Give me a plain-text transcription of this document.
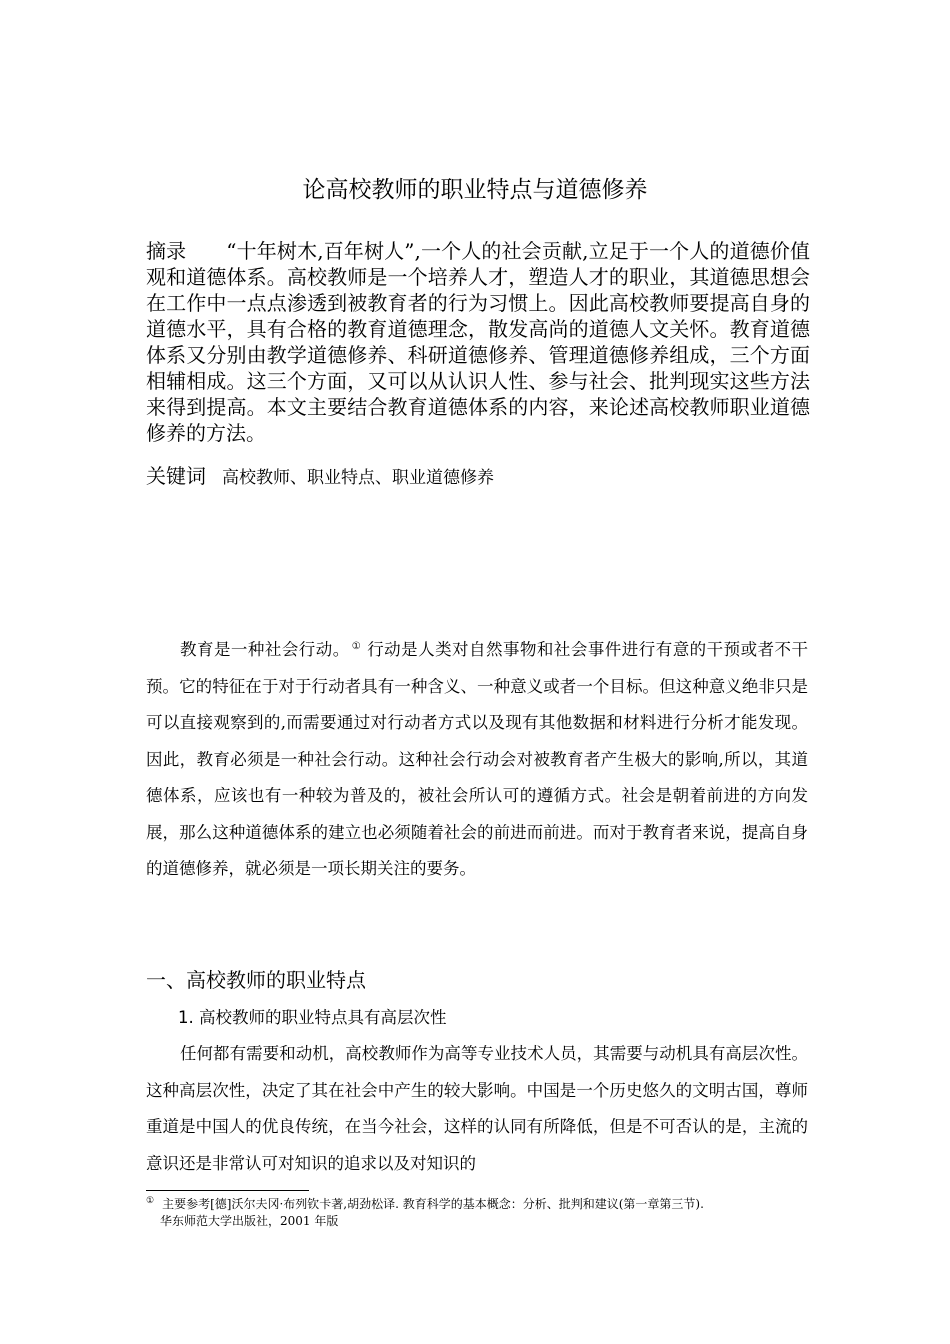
论高校教师的职业特点与道德修养
摘录 “十年树木,百年树人”,一个人的社会贡献,立足于一个人的道德价值观和道德体系。高校教师是一个培养人才，塑造人才的职业，其道德思想会在工作中一点点渗透到被教育者的行为习惯上。因此高校教师要提高自身的道德水平，具有合格的教育道德理念，散发高尚的道德人文关怀。教育道德体系又分别由教学道德修养、科研道德修养、管理道德修养组成，三个方面相辅相成。这三个方面，又可以从认识人性、参与社会、批判现实这些方法来得到提高。本文主要结合教育道德体系的内容，来论述高校教师职业道德修养的方法。
关键词 高校教师、职业特点、职业道德修养
教育是一种社会行动。 ① 行动是人类对自然事物和社会事件进行有意的干预或者不干预。它的特征在于对于行动者具有一种含义、一种意义或者一个目标。但这种意义绝非只是可以直接观察到的,而需要通过对行动者方式以及现有其他数据和材料进行分析才能发现。因此，教育必须是一种社会行动。这种社会行动会对被教育者产生极大的影响,所以，其道德体系，应该也有一种较为普及的，被社会所认可的遵循方式。社会是朝着前进的方向发展，那么这种道德体系的建立也必须随着社会的前进而前进。而对于教育者来说，提高自身的道德修养，就必须是一项长期关注的要务。
一、高校教师的职业特点
1. 高校教师的职业特点具有高层次性
任何都有需要和动机，高校教师作为高等专业技术人员，其需要与动机具有高层次性。这种高层次性，决定了其在社会中产生的较大影响。中国是一个历史悠久的文明古国，尊师重道是中国人的优良传统，在当今社会，这样的认同有所降低，但是不可否认的是，主流的意识还是非常认可对知识的追求以及对知识的
① 主要参考[德]沃尔夫冈·布列钦卡著,胡劲松译. 教育科学的基本概念：分析、批判和建议(第一章第三节).
华东师范大学出版社，2001 年版
